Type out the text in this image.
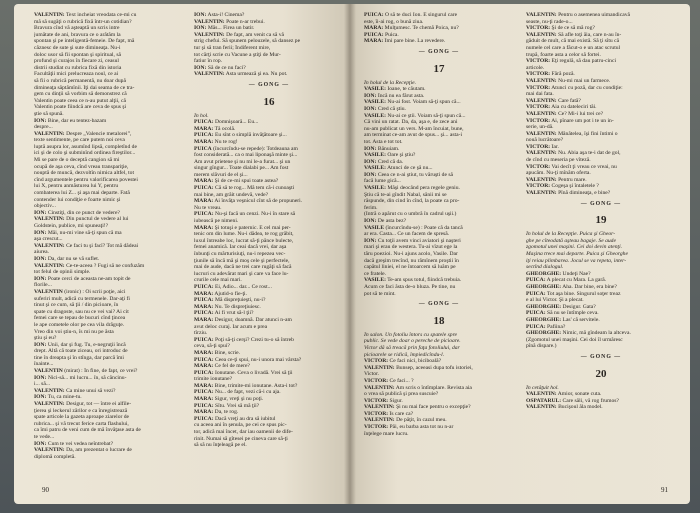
VALENTIN: Text incheiat vreodata ce-mi cu
mă să sugăţi o rubrică fixă într-un cotidian?
Bravura cînd vă aşteaptă un scris intre
jumătate de ani, bravura ce o arătăm la
spontan şi pe inteligentă-femeie. De fapt, mă
căznesc de sute şi sute dimineaţa. Nu-i
doloc usor să fii spontan şi spiritual, să
profund şi curajos în fiecare zi, ceasul
distrii studiat cu rubrica fixă din istoria
Facultăţii mici prelucreaza noul, ce ai
să fii o rubrică permanentă, nu doar după
dimineaţa săptămînii. Îţi dai seama de ce tra-
gem cu dinţii să vorbim să demonstrez că
Valentin poate ceea ce n-au putut alţii, că
Valentin poate fiindcă are ceva de spus şi
ştie să spună.
ION: Bine, dar eu tentez-bazam
despre...
VALENTIN: Despre „Valencie metalorei”,
texte sentimente, pe care putem noi ceva
luptă asupra lor, asumînd lipsă, completînd de
ici şi de colo şi subminînd ordinea fireştilor...
Mi se pare de o deceptă cangion să mi
ocupă de aşa ceva, cînd vreau transpariţie,
nouptă de muncă, dezvoltîn nimica altfel, tot
cînd argumentele pentru valorificarea povestei
lui X, pentru anmăsturea lui Y, pentru
combaterea lui Z... şi aşa mai departe. Fată
contender lui condiţie e foarte nimic şi
objectiv...
ION: Cinstiţi, din ce punct de vedere?
VALENTIN: Din punctul de vedere al lui
Goldstein, publice, mi spuneaţi!?
ION: Măi, nu-mi vine să-ţi spun că ma
aşa crescut...
VALENTIN: Ce faci tu şi facî? Tot mă dădeai
aiurea.
ION: Da, dar nu se vă suflet.
VALENTIN: Ce-te-aceea ? Fugi să ne confuzăm
tot felul de opinii simple.
ION: Poate cerci de aceasta ne-am topit de
florile...
VALENTIN (ironic) : Oi scrii poţie, aici
suferiri mult, adică cu termenele. Dar-aţi fi
tinut şi ce cum, să ţii / din picioare, în
spate cu dragoste, sau nu ce vei vai? Ai cit
femei care se tepau de bucuri cînd ţincea
le ape cometele olor pe cea vila drăguţe.
Vreo din voi ştiu-n, îs mi nu pe ăsta
ştiu şi eu?
ION: Unii, dar şi fug. Tu, e-negruţii încă
drept. Altă că toate ziceau, ori introduc de
tine în dreapta şi în stînga, dar parcă îmi
înainte...
VALENTIN (mirat) : În fine, de fapt, ce vrei?
ION: Nici-să... mi lucru... în, să căncinu-
i... să...
VALENTIN: Ca mine unui să vezi?
ION: Tu, ca mine-tu.
VALENTIN: Desigur, tot — între ei alfile-
ţierea şi leckerul zărilor e ca înregistrează
spate articole la gazeta aproape ziarelor de
rubrica... şi vă trecut ferice carta flashului,
ca îmi patru de veni cum de mă învăţase asta de
te vede...
ION: Cum te vei vedea neîntrebat?
VALENTIN: Da, am prezentat o lucrare de
diplomă completă.
ION: Asta-i! Cinema?
VALENTIN: Poate n-ar trebui.
ION: Măs... Firea un batir.
VALENTIN: De fapt, am venit ca să vă
strig chefui. Să spunem pelouzele, să dansez pe
tur şi să tran ferii; Îndiferent mire,
tot cărţi scrie cu Vacune a ştiţi de Mur-
fatiur în rop.
ION: Să de ce nu faci?
VALENTIN: Asta urmează şi ea. Nu pot.
— GONG —
16
În hol.
PUICA: Domnişoară... Eu...
MARA: Tă ocolă.
PUICA: Eu sînt o simplă invăţătoare şi...
MARA: Nu te rog!
PUICA (încurcîndu-se repede): Totdeauna am
fost considerată... ca o mai liponaşă minte şi...
Am avut prietene şi nu mi le-a furat... şi un
singur gîngur... Toate dialabi pe... Am fost
merem slăvuri de el şi...
MARA: Şi de ce-mi spui toate astea?
PUICA: Că să te rog... Mă tem că-i cunoaşti
mai bine, am grăit undevă, vede?
MARA: Ai învăţa veşnicul cînt să de propuneri.
Nu te vreau.
PUICA: Nu-şi facă un cenzi. Nu-i în stare să
iubească pe nimeni.
MARA: Şi totuşi e paternic. E cel mai per-
tenic om din lume. Nu-i dădea, te rog grăbit,
luxul întreabe loc, lucrat să-ţi pănce bulecte,
femei anamică. Iar ceai dacă vrei, dar aşa
înbunţi cu mărturisiuţi, nu-i repezea vec-
ţiunile să încă mă şi moş cele şi perfectele,
mai de aude, dacă ne trei care rugăţi să facă
lucruri cu adevărat mari şi care va face lu-
crurile cele mai mari.
PUICA: Ei, Adio... dar... Ce rost...
MARA: Ajutid-o fie-ţi.
PUICA: Mă dispreţuieşti, nu-i?
MARA: Nu. Te dispreţiuiesc.
PUICA: Ai fi vrut să-l ţii?
MARA: Desigur, doamnă. Dar atunci n-am
avut deloc curaj. Iar acum e prea
tîrziu.
PUICA: Poţi să-ţi cerşi? Crezi tu-o să întreb
ceva, să-ţi spui?
MARA: Bine, scrie.
PUICA: Ceea ce-ţi spui, nu-i unora mai vârsta?
MARA: Ce fel de mere?
PUICA: Ionutane. Ceva o livadă. Vrei să ţii
trimite ionutane?
MARA: Bine, trimite-mi ionutane. Asta-i tot?
PUICA: Nu... de fapt, vezi că-i cu aja.
MARA: Sigur, vreţi şi nu poţi.
PUICA: Sîtu. Vrei să mă ţii?
MARA: Da, te rog.
PUICA: Dacă vreţi au dra să iubitul
cu aceea ani în şenula, pe cei ce spus pic-
tor, adică mai încet, dar iau oamenii de dife-
rinit. Numai să gîtesei pe cineva care să-ţi
să să nu înţeleagă pe el.
90
PUICA: O să te duci Ion. E singurul care
este, îi-ai rog, o bună ziua.
MARA: Mulţumesc. Te chemă Poica, nu?
PUICA: Puica.
MARA: Îmi pare bine. La revedere.
— GONG —
17
În holul de la Recepţie.
VASILE: Ioane, te căutam.
ION: Încă nu ea fărut asta.
VASILE: Nu-ai fost. Voiam să-ţi spun că...
ION: Cred că ştiu.
VASILE: Nu-ai ce ştii. Voiam să-ţi spun că...
Că vini un ratat. Da, da, aşa e, de zece ani
nu-am publicat un vers. M-am încuiat, bune,
am terminat ce-am avut de spus... şi... asta-i
tot. Asta e tot tot.
ION: Bănuiam.
VASILE: Oare şi ştiu?
ION: Cred că da.
VASILE: Atunci de ce şă nu...
ION: Ceea ce n-ai ştiut, tu văruşti de să
facă lume gică...
VASILE: Măşi deocând pera regele geniu.
Ştiu că te-ai gîndit Nabal, sănii mi se
răspunde, din cind în cînd, la poate ca pro-
ferim.
(Intră o apărut cu o umbră în cadrul uşii.)
ION: De asta bez?
VASILE (încurcîndu-se) : Poate că da tancă
ar era. Casta... Ce un facem de spresă.
ION: Cu toţii avem vinci aviatori şi naşteri
mari şi erau de westera. Tu-ai vîzut ege la
tăru poezioi. Nu-i ajuns acolo, Vasile. Dar
dacă greşim trecînd, nu rămînem proştii în
capătul liniei, el ne întoarcem să luăm pe
ce fratele.
VASILE: Te-am spus totul, fiindcă trebuia.
Acum ce faci ăsta de-o bluza. Pe tine, nu
pot să te mint.
— GONG —
18
În salon. Un fotoliu întors cu spatele spre
public. Se vede doar o pereche de picioare.
Victor dă să treacă prin faţa fotoliului, dar
picioarele se ridică, împiedicîndu-l.
VICTOR: Ce faci nici, biciboală?
VALENTIN: Bunsep, aceeasi dupa tofu istoriei,
Victor.
VICTOR: Ce faci... ?
VALENTIN: Am scris o întîmplare. Revista aia
o vrea să publică şi prea suscuie?
VICTOR: Sigur.
VALENTIN: Şi nu mai face pentru o excepţie?
VICTOR: Îs care ca?
VALENTIN: De păţit, în cazul meu.
VICTOR: Păi, eu barba asta tot nu n-ar
înţelege mare lucru.
VALENTIN: Pentru o asemenea uimandicavă
seaste, nu-ţi rade-o...
VICTOR: Şi de ce să mă rog?
VALENTIN: Să afle toţi ăia, care n-au în-
găduit de mult, că mai există. Să ţi sîtu că
numele cel care a făcut-o e un atac scrutul
trupă, foarte asta a celor să fortei.
VICTOR: Eţi regulă, să dau patru-cinci
articole.
VICTOR: Fără poză.
VALENTIN: Nu-mi mai un farmece.
VICTOR: Atunci cu poză, dar cu condiţie:
mai dai fata.
VALENTIN: Care fată?
VICTOR: Aia cu dateleciri tăi.
VALENTIN: Ce? Mi-i lui trei ce?
VICTOR: Ai, pînare um pot i te un in-
serie, un-dă.
VALENTIN: Mănătelea, îşi fini întimi o
nouă lucrătoare?
VICTOR: Îar.
VALENTIN: Nu. Abia aşa te-i dat de gol,
de cînd cu meseria pe vîteză.
VICTOR: Vai decît ţi vreau ce vreai, nu
apucăm. Nu-ţi mînăm oferta.
VALENTIN: Pentru mare.
VICTOR: Cogeşa şi întaletele ?
VALENTIN: Pînă dimineaţa, e bine?
— GONG —
19
În holul de la Recepţie. Puica şi Gheor-
ghe pe cîteodată aşteau bagaje. Se aude
zgomotul unei maşini. Cei doi devin atenţi.
Maşina trece mai departe. Puica şi Gheorghe
iţi reiau plimbarea. Jocul se va repeta, inter-
sectînd dialogul.
GHEORGHE: Undeţi Nae?
PUICA: A plecat cu Mara. La gară.
GHEORGHE: Aha. Dar bine, era bine?
PUICA: Tot aşa bine. Singurul soţer treaz
e al lui Victor. Şi a plecat.
GHEORGHE: Desigur. Gata?
PUICA: Să nu se întîmple ceva.
GHEORGHE: Las' că servitele.
PUICA: Pafiina?
GHEORGHE: Nimic, mă gîndeam la altceva.
(Zgomotul unei maşini. Cei doi îl urmăresc
pînă dispare.)
— GONG —
20
În cetăţuit hol.
VALENTIN: Amior, sonate cuta.
OSPATARUL: Care săli, vă rog frumos?
VALENTIN: Bucişoul ăla model.
91
